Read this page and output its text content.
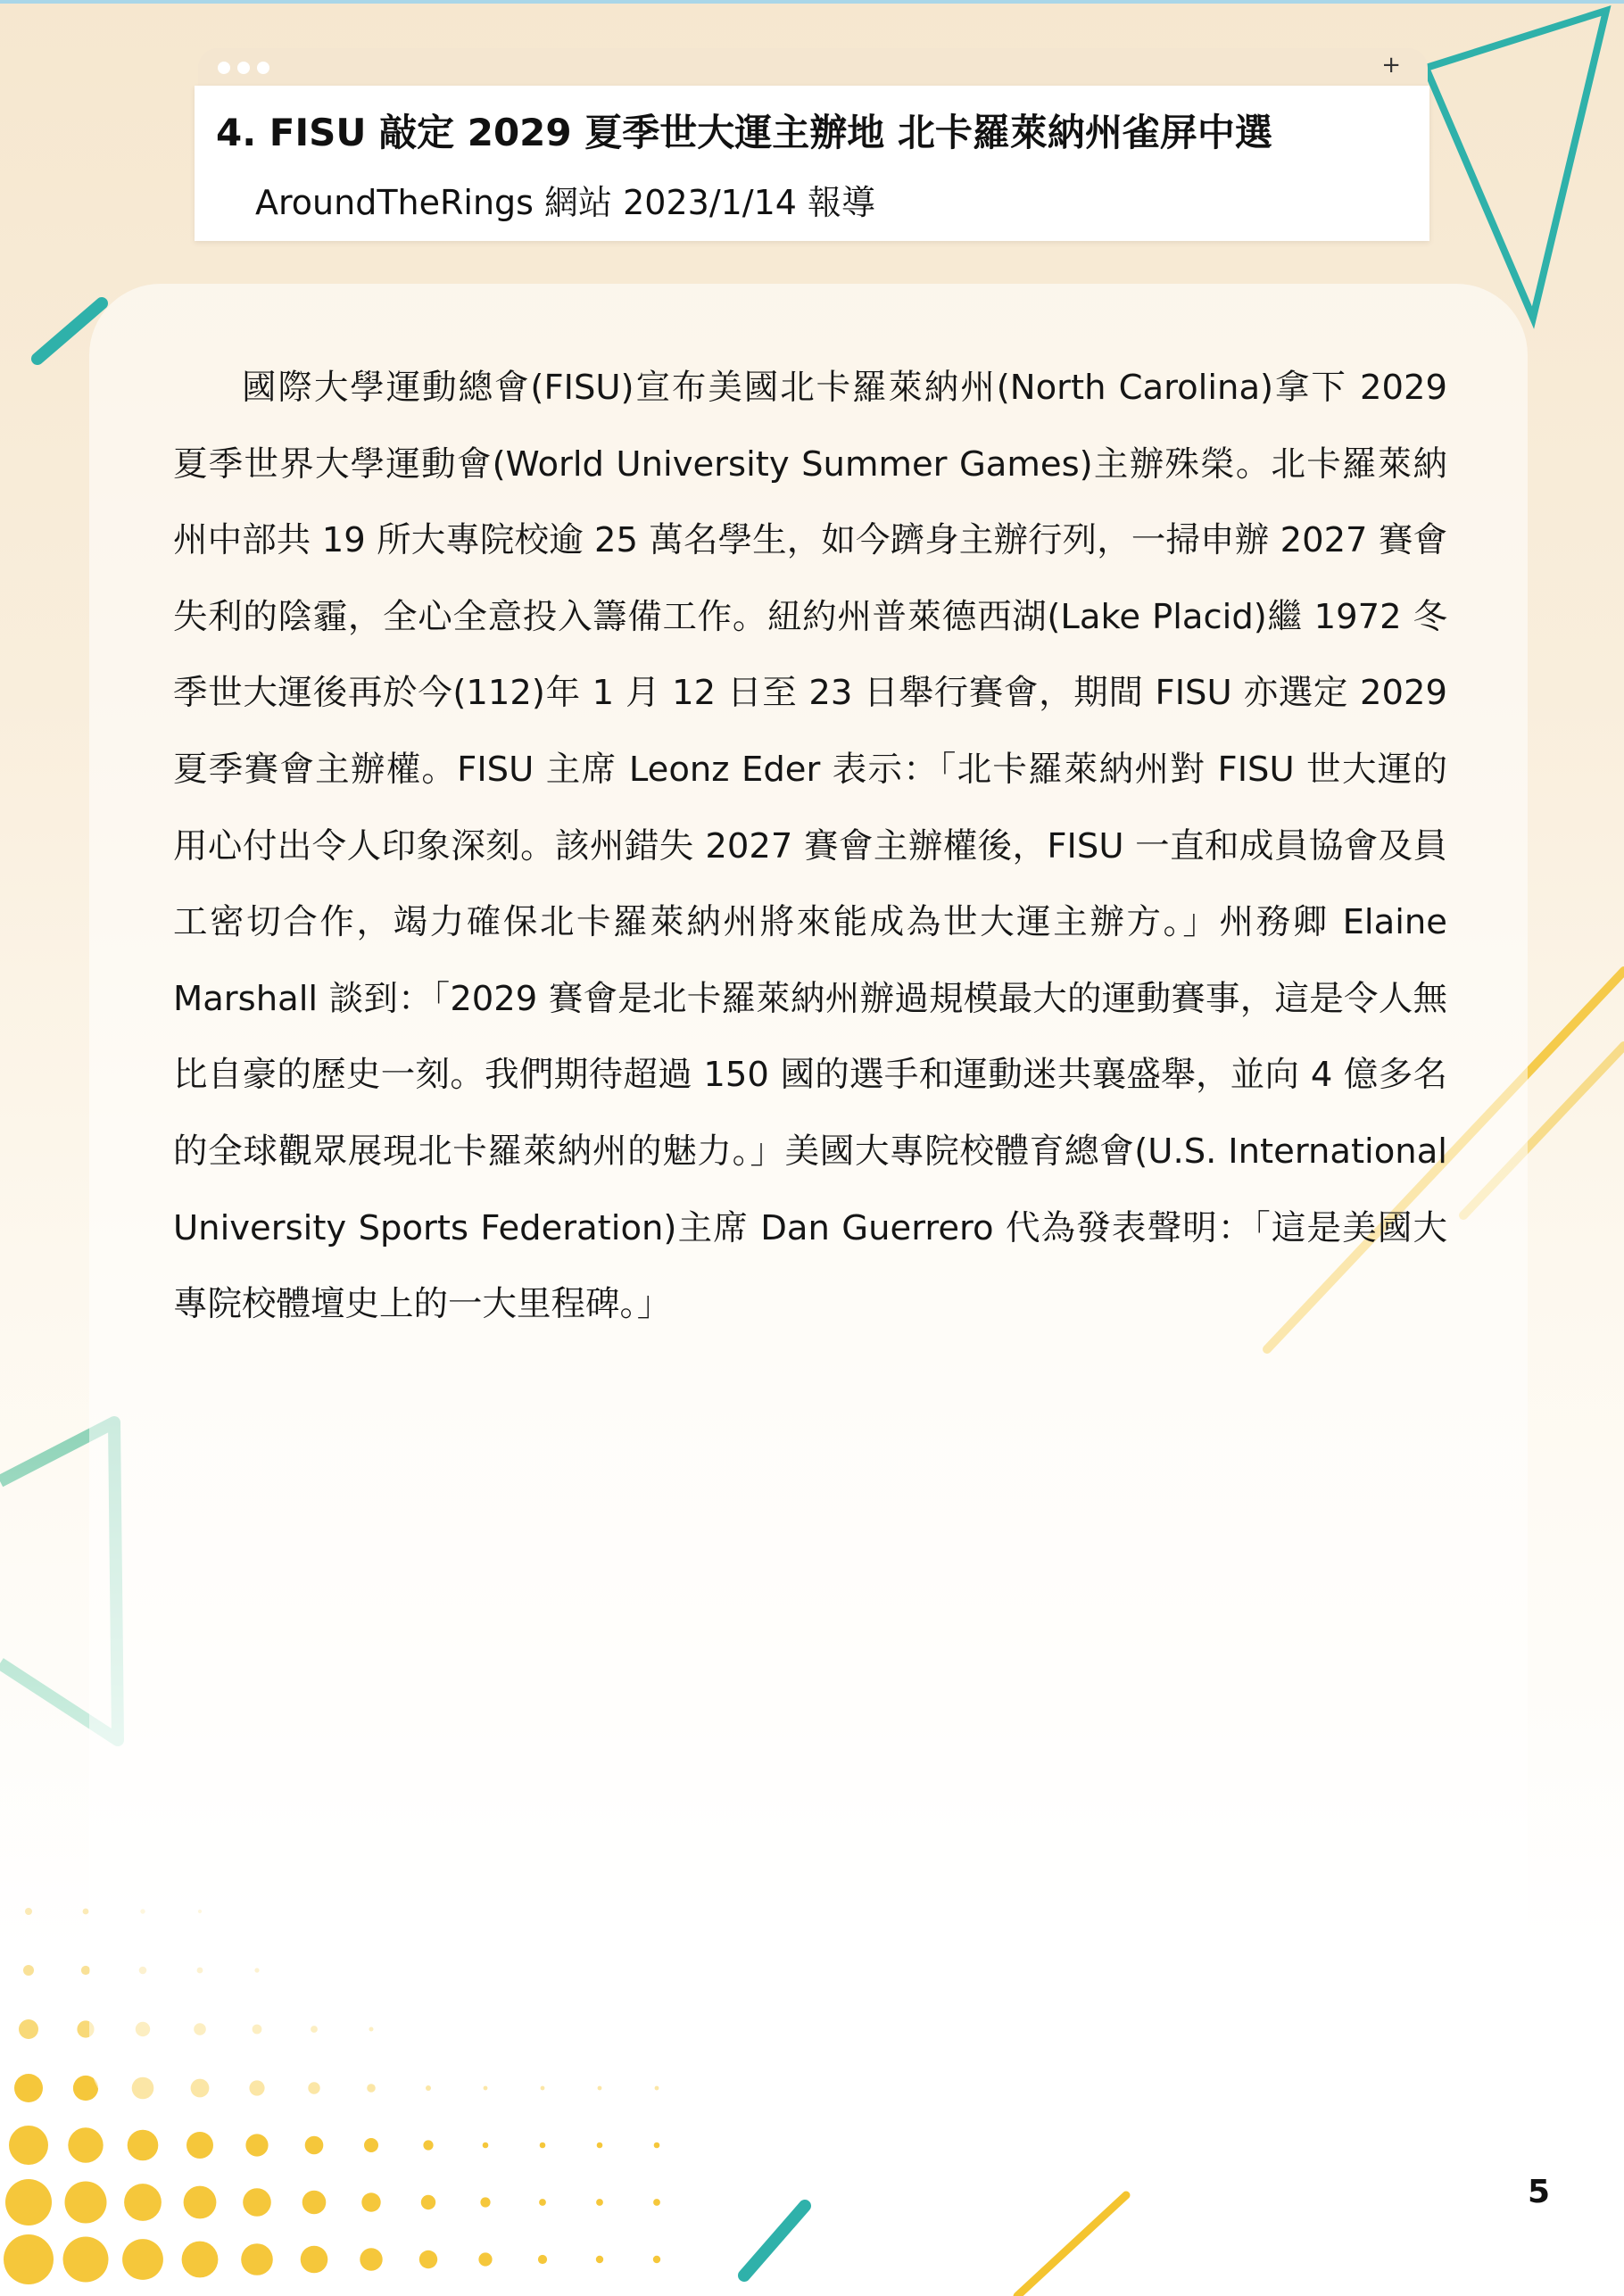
+
4. FISU 敲定 2029 夏季世大運主辦地 北卡羅萊納州雀屏中選

AroundTheRings 網站 2023/1/14 報導

國際大學運動總會(FISU)宣布美國北卡羅萊納州(North Carolina)拿下 2029 夏季世界大學運動會(World University Summer Games)主辦殊榮。北卡羅萊納州中部共 19 所大專院校逾 25 萬名學生，如今躋身主辦行列，一掃申辦 2027 賽會失利的陰霾，全心全意投入籌備工作。紐約州普萊德西湖(Lake Placid)繼 1972 冬季世大運後再於今(112)年 1 月 12 日至 23 日舉行賽會，期間 FISU 亦選定 2029 夏季賽會主辦權。FISU 主席 Leonz Eder 表示：「北卡羅萊納州對 FISU 世大運的用心付出令人印象深刻。該州錯失 2027 賽會主辦權後，FISU 一直和成員協會及員工密切合作，竭力確保北卡羅萊納州將來能成為世大運主辦方。」州務卿 Elaine Marshall 談到：「2029 賽會是北卡羅萊納州辦過規模最大的運動賽事，這是令人無比自豪的歷史一刻。我們期待超過 150 國的選手和運動迷共襄盛舉，並向 4 億多名的全球觀眾展現北卡羅萊納州的魅力。」美國大專院校體育總會(U.S. International University Sports Federation)主席 Dan Guerrero 代為發表聲明：「這是美國大專院校體壇史上的一大里程碑。」

5
